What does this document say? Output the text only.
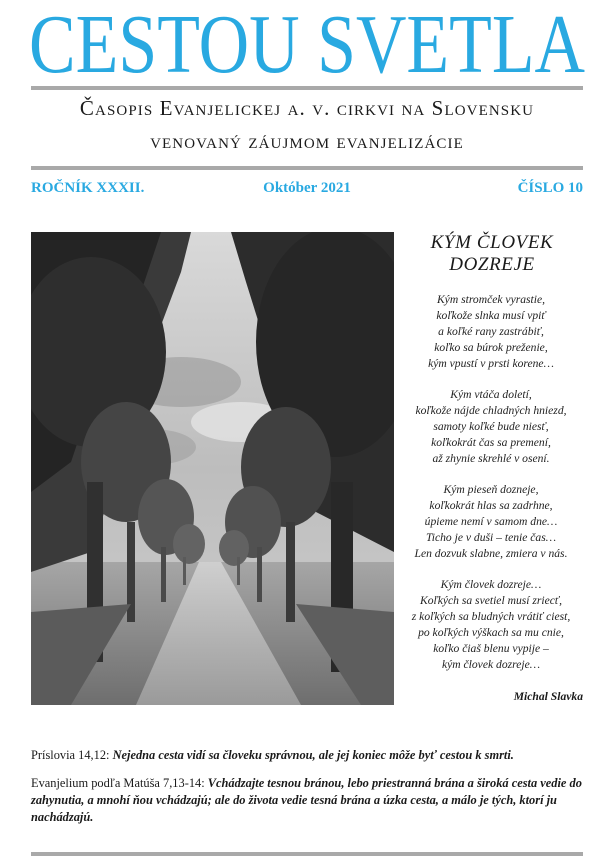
CESTOU SVETLA
Časopis Evanjelickej a. v. cirkvi na Slovensku
venovaný záujmom evanjelizácie
ROČNÍK XXXII.	Október 2021	ČÍSLO 10
KÝM ČLOVEK
DOZREJE
Kým stromček vyrastie,
koľkože slnka musí vpiť
a koľké rany zastrábiť,
koľko sa búrok preženie,
kým vpustí v prsti korene…
Kým vtáča doletí,
koľkože nájde chladných hniezd,
samoty koľké bude niesť,
koľkokrát čas sa premení,
až zhynie skrehlé v osení.
Kým pieseň dozneje,
koľkokrát hlas sa zadrhne,
úpieme nemí v samom dne…
Ticho je v duši – tenie čas…
Len dozvuk slabne, zmiera v nás.
Kým človek dozreje…
Koľkých sa svetiel musí zriecť,
z koľkých sa bludných vrátiť ciest,
po koľkých výškach sa mu cnie,
koľko čiaš blenu vypije –
kým človek dozreje…
Michal Slavka
Príslovia 14,12: Nejedna cesta vidí sa človeku správnou, ale jej koniec môže byť cestou k smrti.
Evanjelium podľa Matúša 7,13-14: Vchádzajte tesnou bránou, lebo priestranná brána a široká cesta vedie do zahynutia, a mnohí ňou vchádzajú; ale do života vedie tesná brána a úzka cesta, a málo je tých, ktorí ju nachádzajú.
